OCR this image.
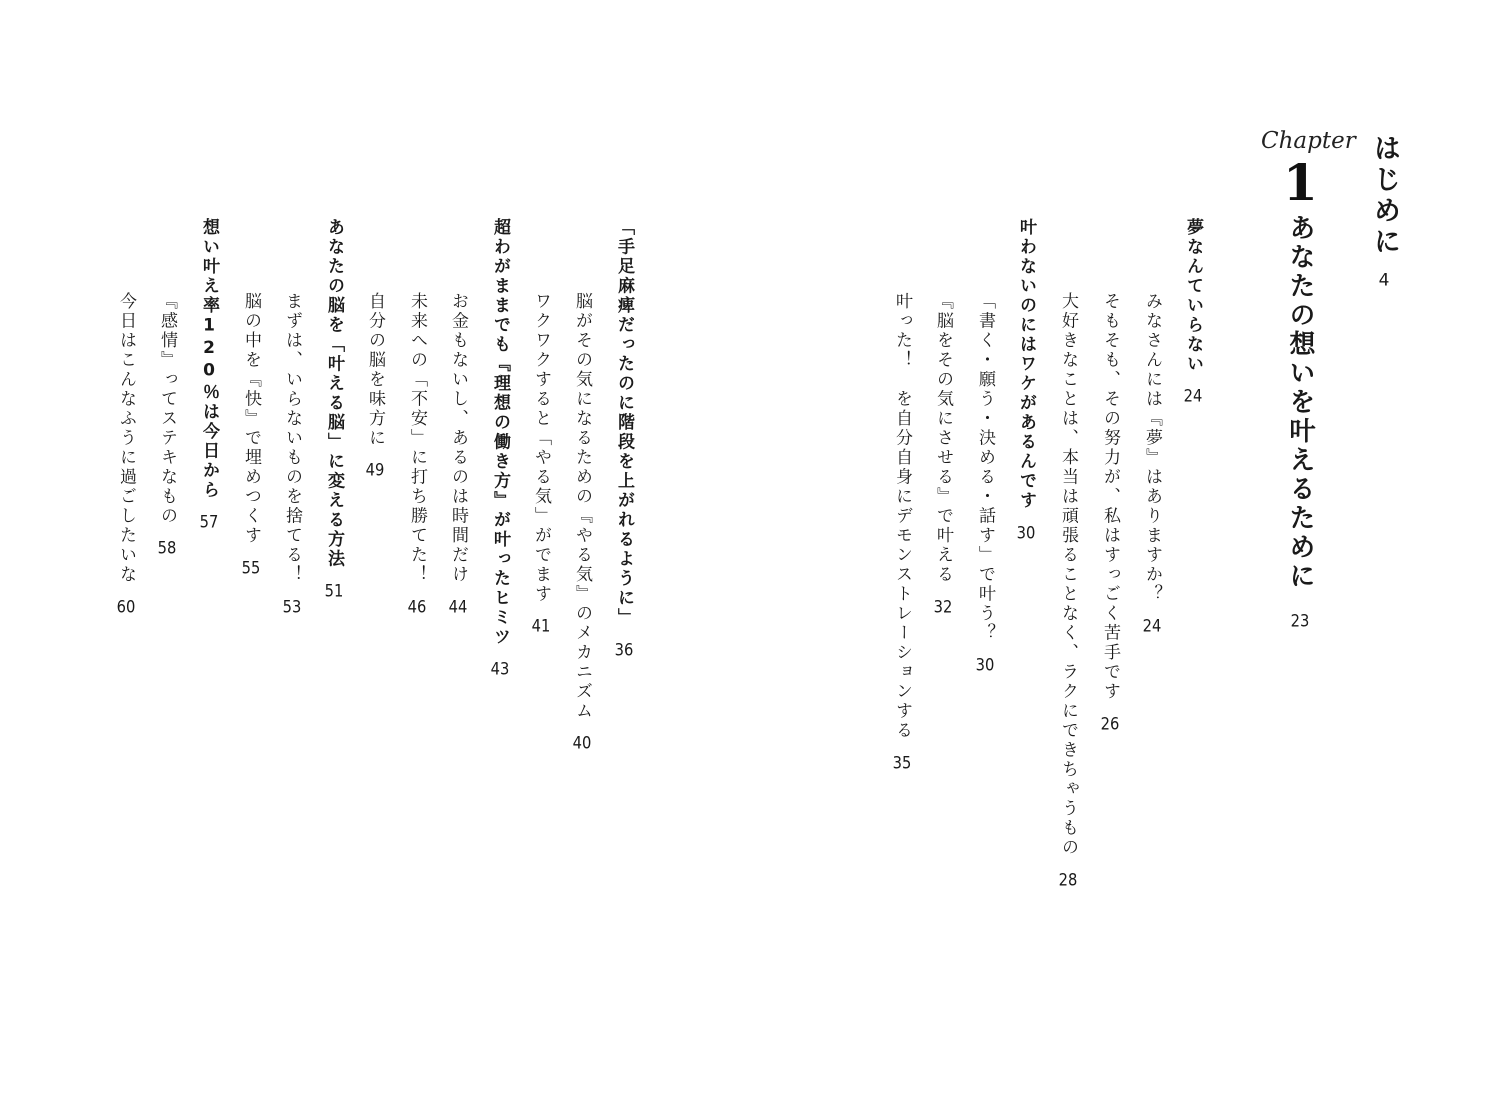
はじめに4
Chapter
1
あなたの想いを叶えるために23
夢なんていらない24
みなさんには『夢』はありますか？24
そもそも、その努力が、私はすっごく苦手です26
大好きなことは、本当は頑張ることなく、ラクにできちゃうもの28
叶わないのにはワケがあるんです30
「書く・願う・決める・話す」で叶う？30
『脳をその気にさせる』で叶える32
叶った！　を自分自身にデモンストレーションする35
「手足麻痺だったのに階段を上がれるように」36
脳がその気になるための『やる気』のメカニズム40
ワクワクすると「やる気」がでます41
超わがままでも『理想の働き方』が叶ったヒミツ43
お金もないし、あるのは時間だけ44
未来への「不安」に打ち勝てた！46
自分の脳を味方に49
あなたの脳を「叶える脳」に変える方法51
まずは、いらないものを捨てる！53
脳の中を『快』で埋めつくす55
想い叶え率120％は今日から57
『感情』ってステキなもの58
今日はこんなふうに過ごしたいな60
